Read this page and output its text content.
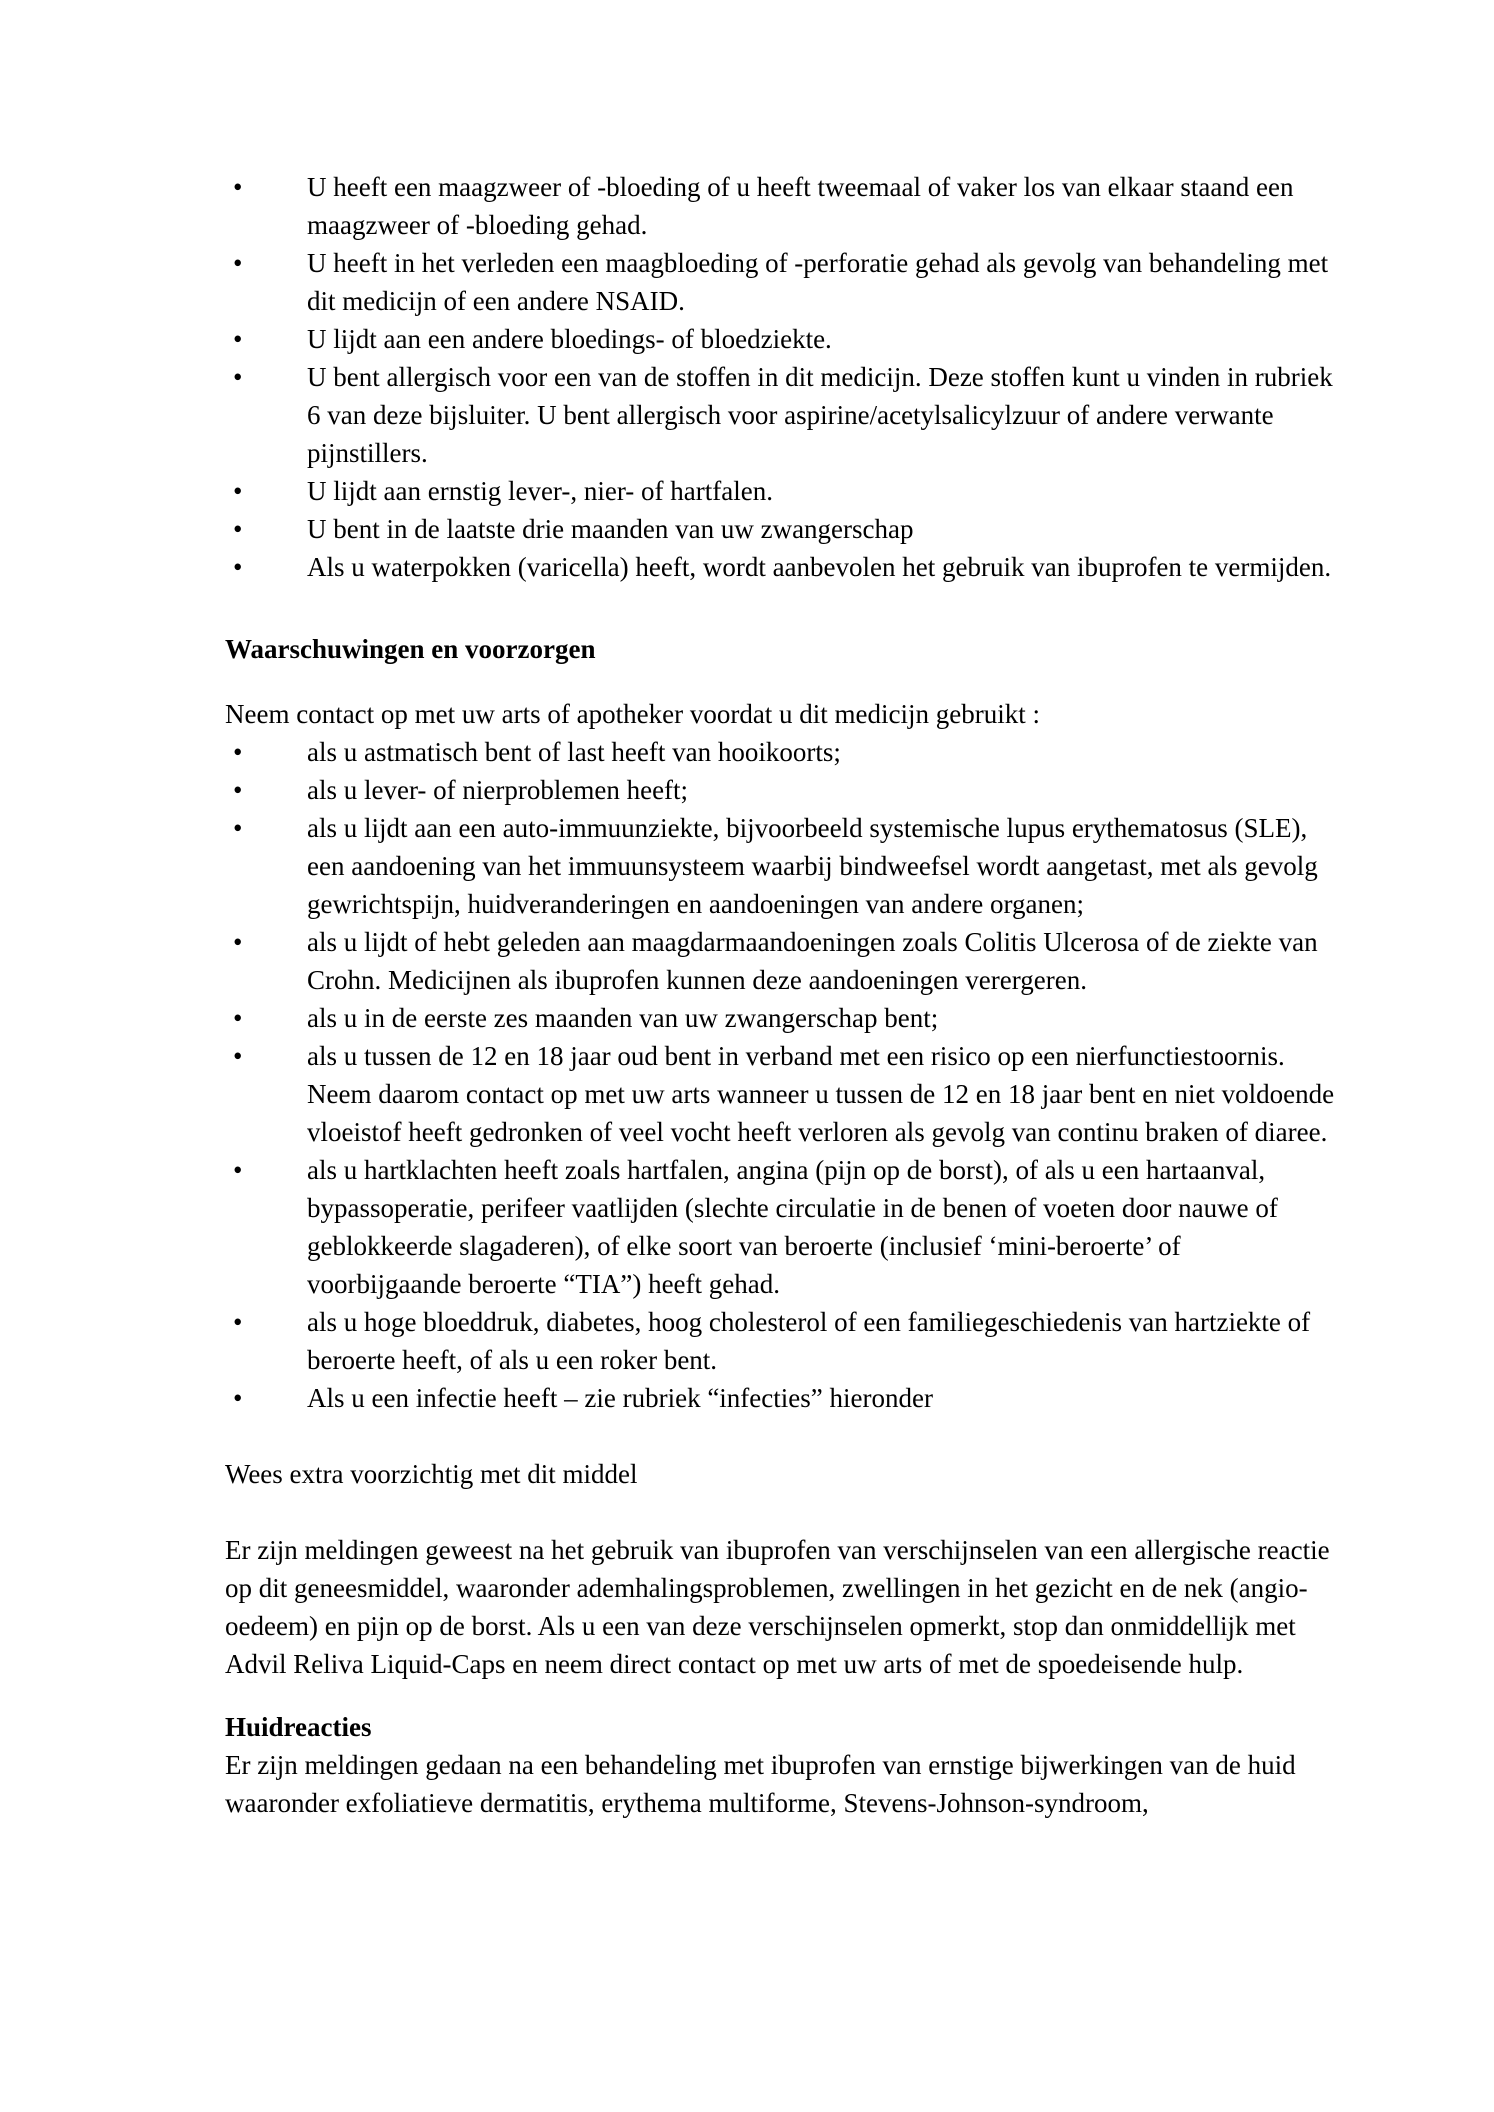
• U heeft een maagzweer of -bloeding of u heeft tweemaal of vaker los van elkaar staand een maagzweer of -bloeding gehad.
• U heeft in het verleden een maagbloeding of -perforatie gehad als gevolg van behandeling met dit medicijn of een andere NSAID.
• U lijdt aan een andere bloedings- of bloedziekte.
• U bent allergisch voor een van de stoffen in dit medicijn. Deze stoffen kunt u vinden in rubriek 6 van deze bijsluiter. U bent allergisch voor aspirine/acetylsalicylzuur of andere verwante pijnstillers.
• U lijdt aan ernstig lever-, nier- of hartfalen.
• U bent in de laatste drie maanden van uw zwangerschap
• Als u waterpokken (varicella) heeft, wordt aanbevolen het gebruik van ibuprofen te vermijden.
Waarschuwingen en voorzorgen

Neem contact op met uw arts of apotheker voordat u dit medicijn gebruikt :

• als u astmatisch bent of last heeft van hooikoorts;
• als u lever- of nierproblemen heeft;
• als u lijdt aan een auto-immuunziekte, bijvoorbeeld systemische lupus erythematosus (SLE), een aandoening van het immuunsysteem waarbij bindweefsel wordt aangetast, met als gevolg gewrichtspijn, huidveranderingen en aandoeningen van andere organen;
• als u lijdt of hebt geleden aan maagdarmaandoeningen zoals Colitis Ulcerosa of de ziekte van Crohn. Medicijnen als ibuprofen kunnen deze aandoeningen verergeren.
• als u in de eerste zes maanden van uw zwangerschap bent;
• als u tussen de 12 en 18 jaar oud bent in verband met een risico op een nierfunctiestoornis. Neem daarom contact op met uw arts wanneer u tussen de 12 en 18 jaar bent en niet voldoende vloeistof heeft gedronken of veel vocht heeft verloren als gevolg van continu braken of diaree.
• als u hartklachten heeft zoals hartfalen, angina (pijn op de borst), of als u een hartaanval, bypassoperatie, perifeer vaatlijden (slechte circulatie in de benen of voeten door nauwe of geblokkeerde slagaderen), of elke soort van beroerte (inclusief ‘mini-beroerte’ of voorbijgaande beroerte “TIA”) heeft gehad.
• als u hoge bloeddruk, diabetes, hoog cholesterol of een familiegeschiedenis van hartziekte of beroerte heeft, of als u een roker bent.
• Als u een infectie heeft – zie rubriek “infecties” hieronder

Wees extra voorzichtig met dit middel

Er zijn meldingen geweest na het gebruik van ibuprofen van verschijnselen van een allergische reactie op dit geneesmiddel, waaronder ademhalingsproblemen, zwellingen in het gezicht en de nek (angio-oedeem) en pijn op de borst. Als u een van deze verschijnselen opmerkt, stop dan onmiddellijk met Advil Reliva Liquid-Caps en neem direct contact op met uw arts of met de spoedeisende hulp.

Huidreacties

Er zijn meldingen gedaan na een behandeling met ibuprofen van ernstige bijwerkingen van de huid waaronder exfoliatieve dermatitis, erythema multiforme, Stevens-Johnson-syndroom,
